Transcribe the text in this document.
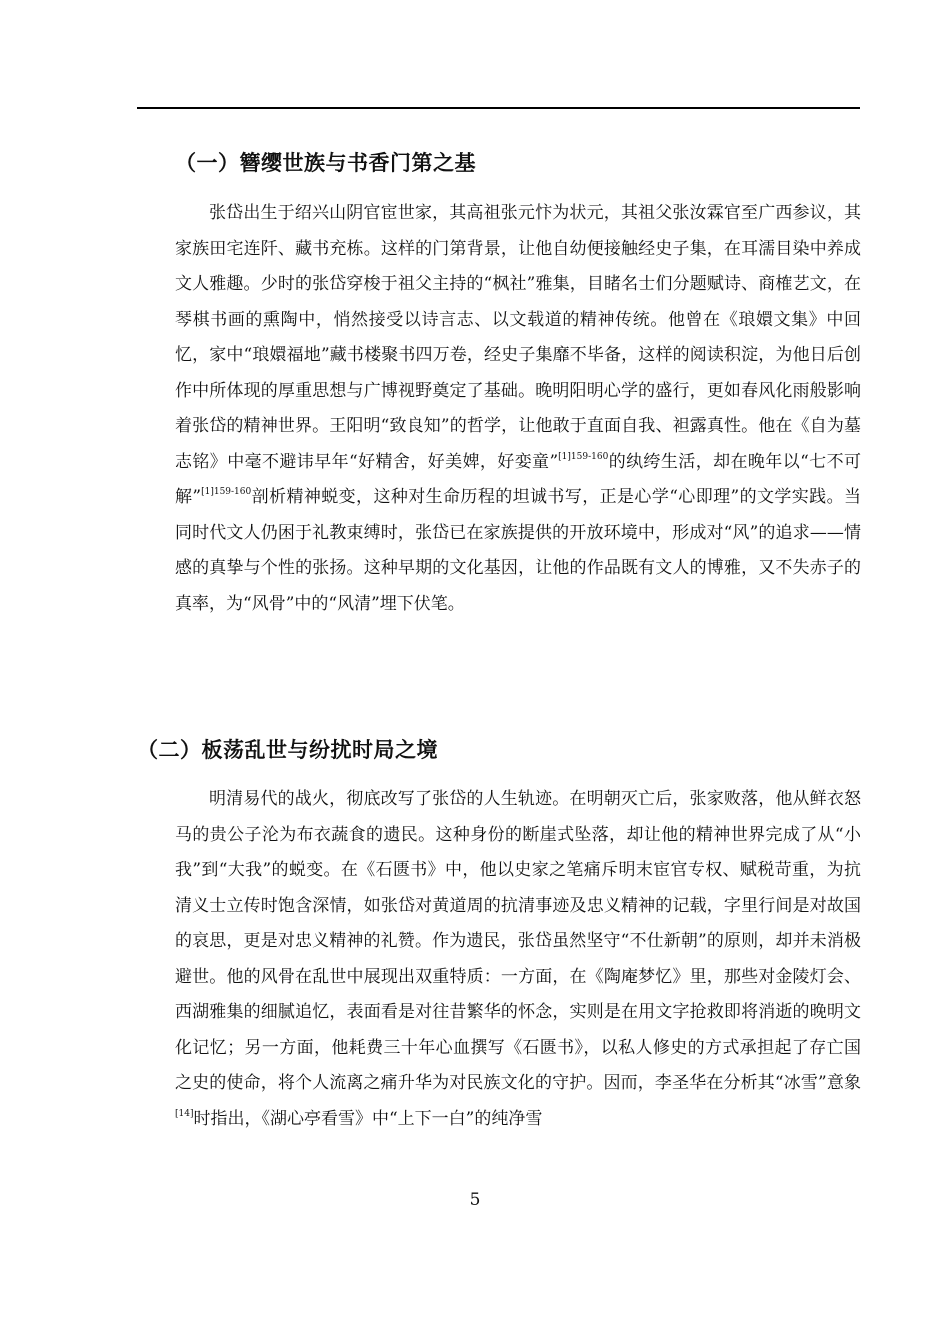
（一）簪缨世族与书香门第之基

张岱出生于绍兴山阴官宦世家，其高祖张元忭为状元，其祖父张汝霖官至广西参议，其家族田宅连阡、藏书充栋。这样的门第背景，让他自幼便接触经史子集，在耳濡目染中养成文人雅趣。少时的张岱穿梭于祖父主持的“枫社”雅集，目睹名士们分题赋诗、商榷艺文，在琴棋书画的熏陶中，悄然接受以诗言志、以文载道的精神传统。他曾在《琅嬛文集》中回忆，家中“琅嬛福地”藏书楼聚书四万卷，经史子集靡不毕备，这样的阅读积淀，为他日后创作中所体现的厚重思想与广博视野奠定了基础。晚明阳明心学的盛行，更如春风化雨般影响着张岱的精神世界。王阳明“致良知”的哲学，让他敢于直面自我、袒露真性。他在《自为墓志铭》中毫不避讳早年“好精舍，好美婢，好娈童”$^{[1]159-160}$的纨绔生活，却在晚年以“七不可解”$^{[1]159-160}$剖析精神蜕变，这种对生命历程的坦诚书写，正是心学“心即理”的文学实践。当同时代文人仍困于礼教束缚时，张岱已在家族提供的开放环境中，形成对“风”的追求——情感的真挚与个性的张扬。这种早期的文化基因，让他的作品既有文人的博雅，又不失赤子的真率，为“风骨”中的“风清”埋下伏笔。

（二）板荡乱世与纷扰时局之境

明清易代的战火，彻底改写了张岱的人生轨迹。在明朝灭亡后，张家败落，他从鲜衣怒马的贵公子沦为布衣蔬食的遗民。这种身份的断崖式坠落，却让他的精神世界完成了从“小我”到“大我”的蜕变。在《石匮书》中，他以史家之笔痛斥明末宦官专权、赋税苛重，为抗清义士立传时饱含深情，如张岱对黄道周的抗清事迹及忠义精神的记载，字里行间是对故国的哀思，更是对忠义精神的礼赞。作为遗民，张岱虽然坚守“不仕新朝”的原则，却并未消极避世。他的风骨在乱世中展现出双重特质：一方面，在《陶庵梦忆》里，那些对金陵灯会、西湖雅集的细腻追忆，表面看是对往昔繁华的怀念，实则是在用文字抢救即将消逝的晚明文化记忆；另一方面，他耗费三十年心血撰写《石匮书》，以私人修史的方式承担起了存亡国之史的使命，将个人流离之痛升华为对民族文化的守护。因而，李圣华在分析其“冰雪”意象[14]时指出，《湖心亭看雪》中“上下一白”的纯净雪

5
